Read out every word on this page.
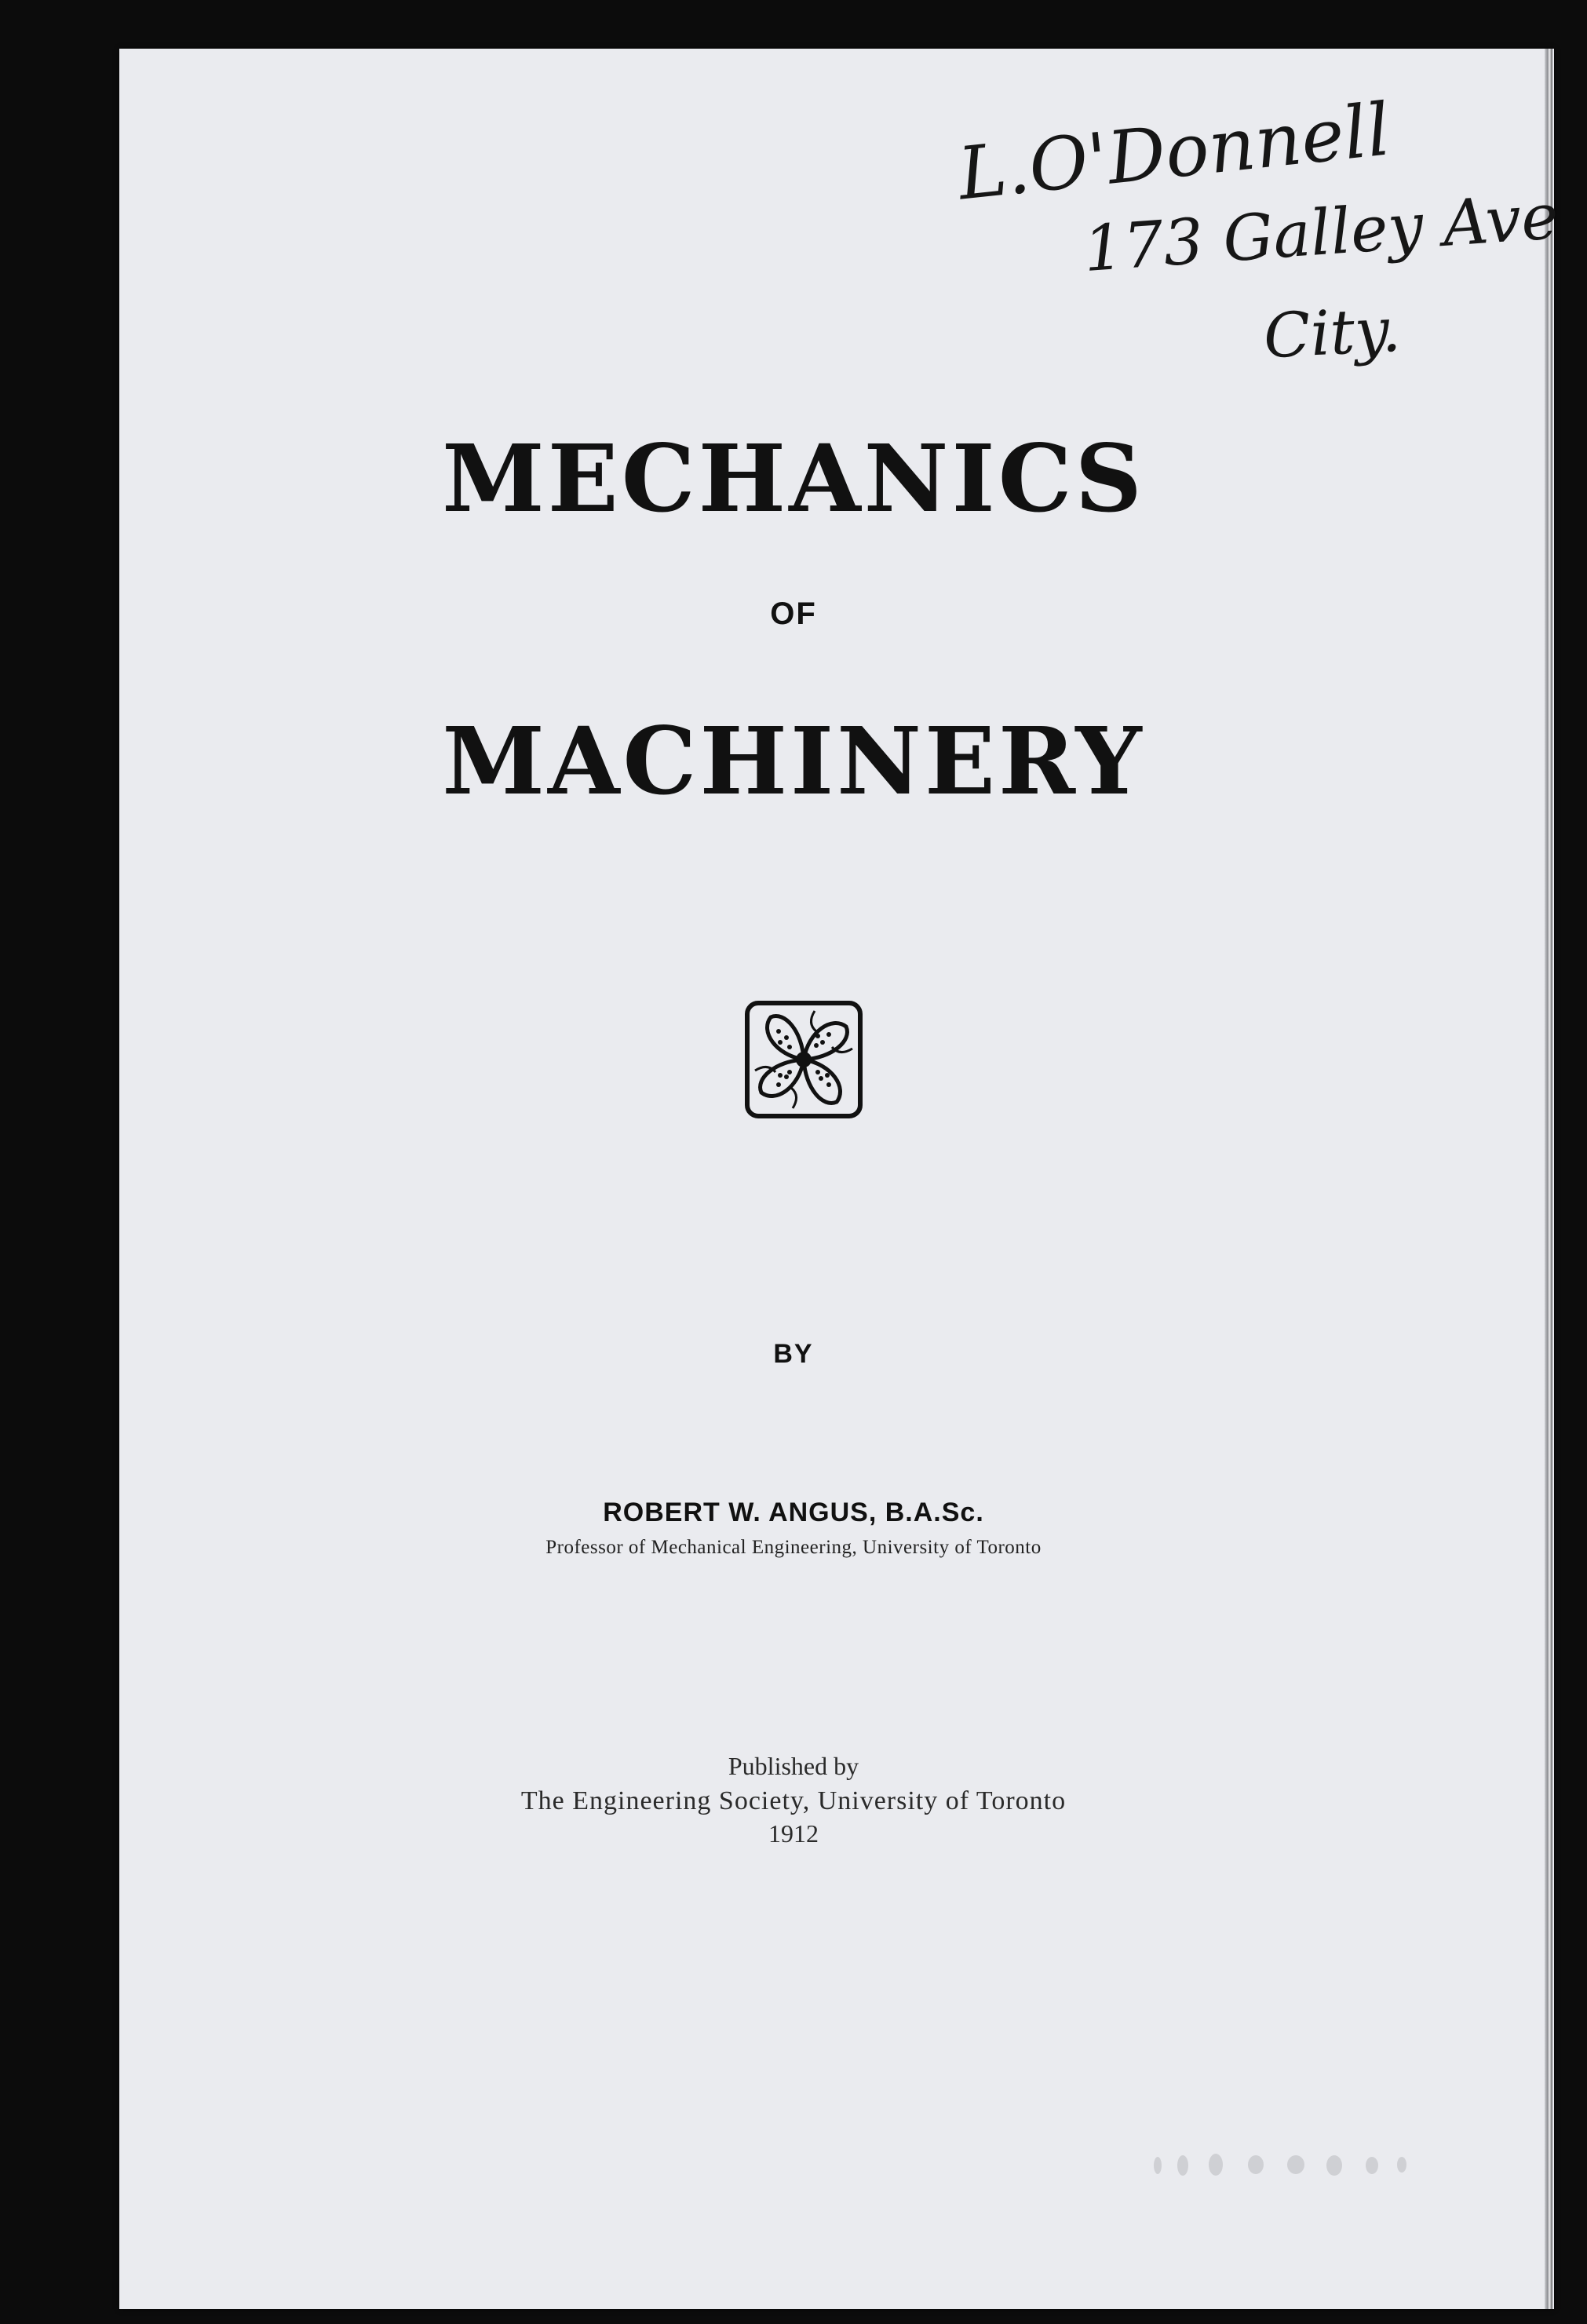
L.O'Donnell
173 Galley Ave
City.
MECHANICS
OF
MACHINERY
BY
ROBERT W. ANGUS, B.A.Sc.
Professor of Mechanical Engineering, University of Toronto
Published by
The Engineering Society, University of Toronto
1912
